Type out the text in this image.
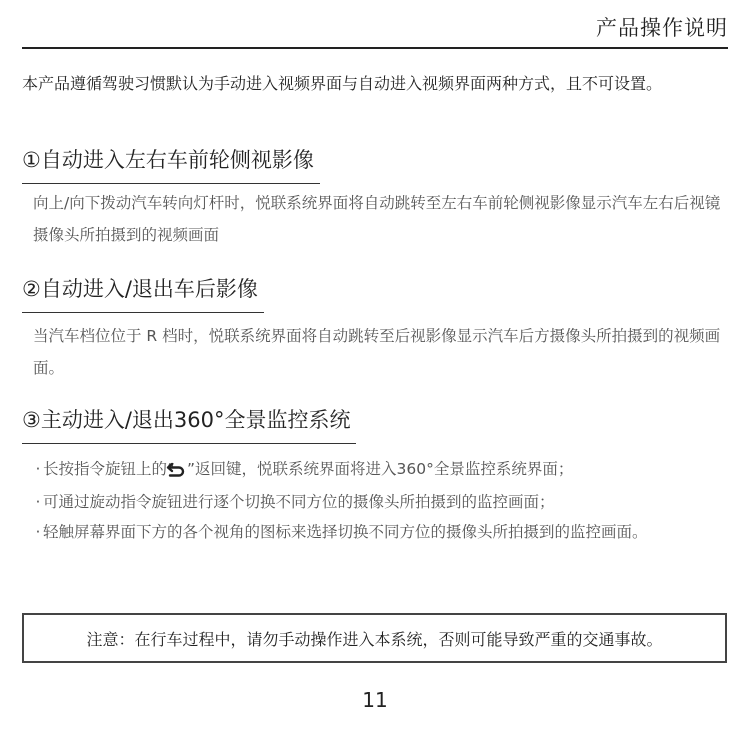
产品操作说明
本产品遵循驾驶习惯默认为手动进入视频界面与自动进入视频界面两种方式，且不可设置。
①自动进入左右车前轮侧视影像
向上/向下拨动汽车转向灯杆时，悦联系统界面将自动跳转至左右车前轮侧视影像显示汽车左右后视镜摄像头所拍摄到的视频画面
②自动进入/退出车后影像
当汽车档位位于 R 档时，悦联系统界面将自动跳转至后视影像显示汽车后方摄像头所拍摄到的视频画面。
③主动进入/退出360°全景监控系统
· 长按指令旋钮上的“ ”返回键，悦联系统界面将进入360°全景监控系统界面；
· 可通过旋动指令旋钮进行逐个切换不同方位的摄像头所拍摄到的监控画面；
· 轻触屏幕界面下方的各个视角的图标来选择切换不同方位的摄像头所拍摄到的监控画面。
注意：在行车过程中，请勿手动操作进入本系统，否则可能导致严重的交通事故。
11
